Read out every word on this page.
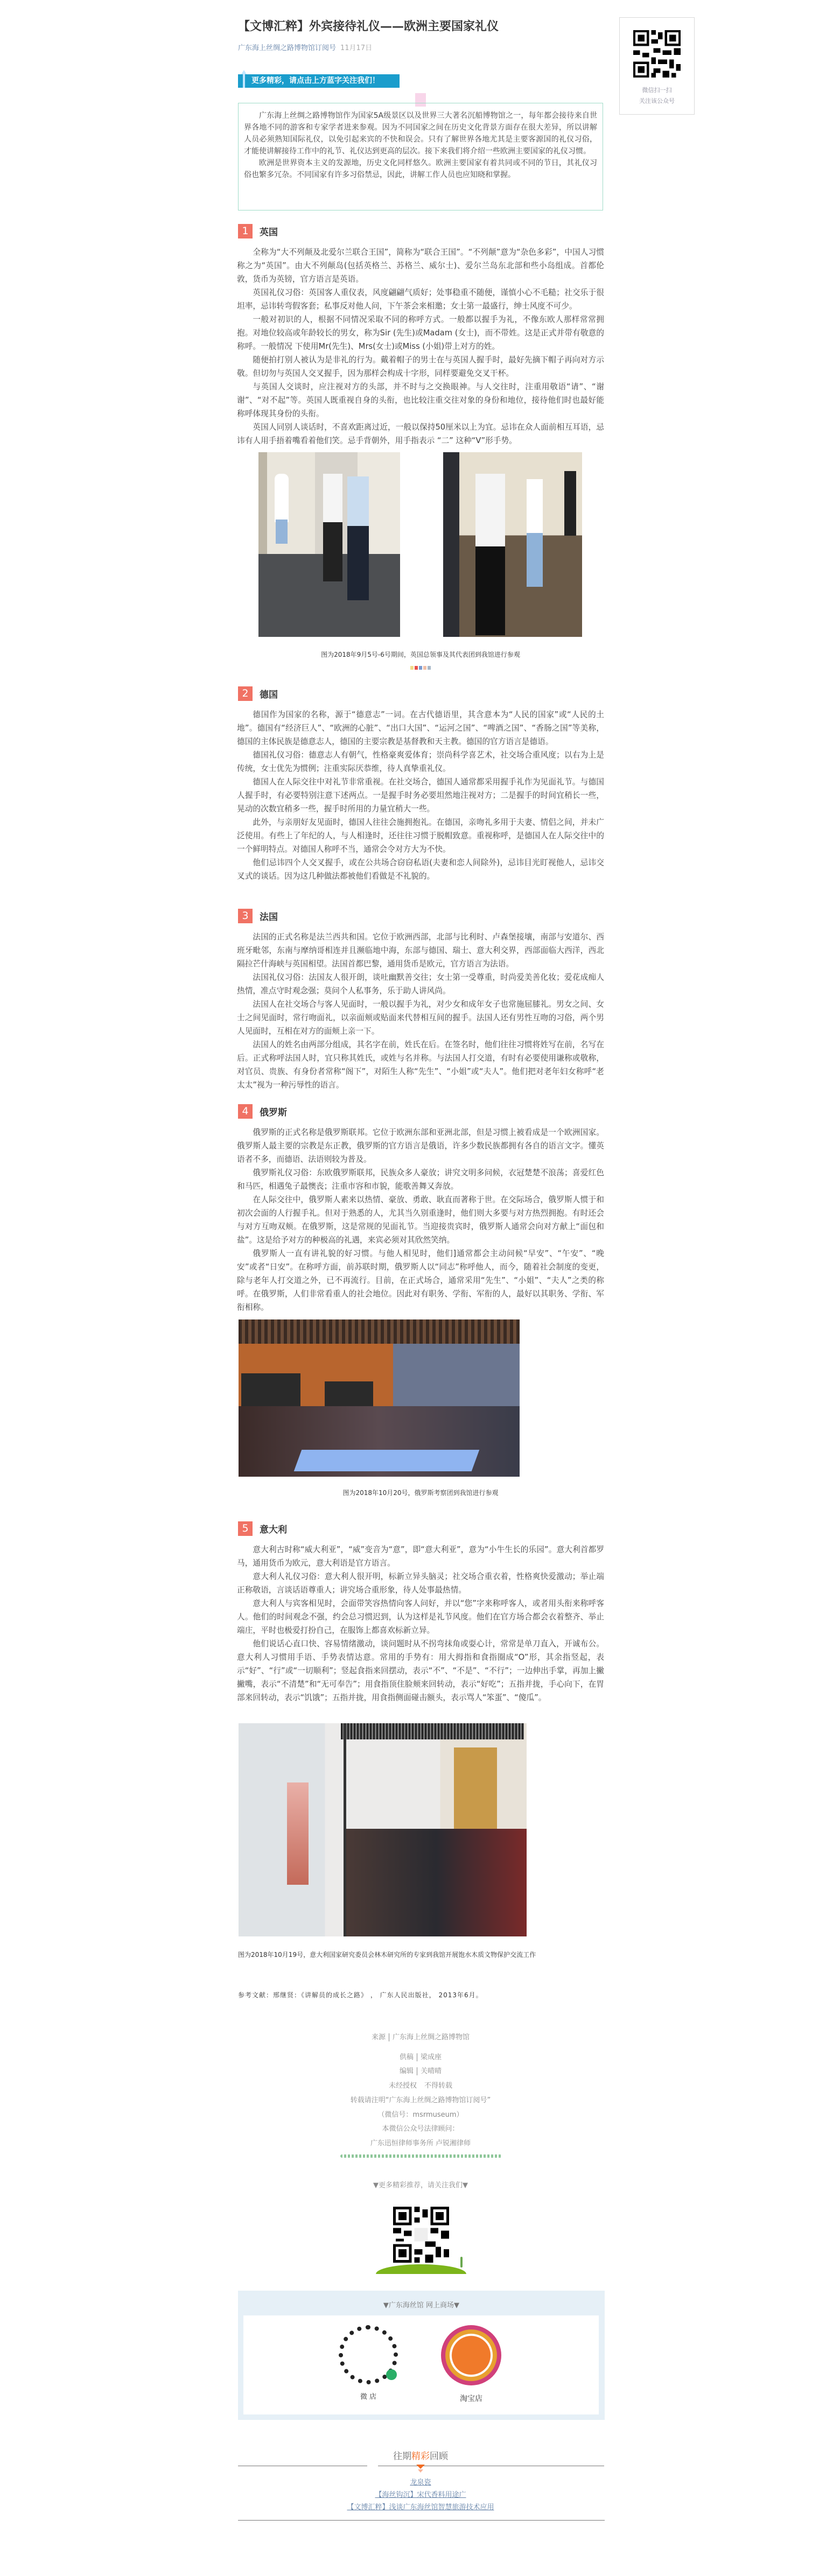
【文博汇粹】外宾接待礼仪——欧洲主要国家礼仪
广东海上丝绸之路博物馆订阅号 11月17日
更多精彩，请点击上方蓝字关注我们！

广东海上丝绸之路博物馆作为国家5A级景区以及世界三大著名沉船博物馆之一，每年都会接待来自世界各地不同的游客和专家学者进来参观。因为不同国家之间在历史文化背景方面存在很大差异，所以讲解人员必须熟知国际礼仪，以免引起来宾的不快和误会。只有了解世界各地尤其是主要客源国的礼仪习俗，才能使讲解接待工作中的礼节、礼仪达到更高的层次。接下来我们将介绍一些欧洲主要国家的礼仪习惯。

欧洲是世界资本主义的发源地，历史文化同样悠久。欧洲主要国家有着共同或不同的节日，其礼仪习俗也繁多冗杂。不同国家有许多习俗禁忌，因此，讲解工作人员也应知晓和掌握。

微信扫一扫
关注该公众号
1	英国

全称为“大不列颠及北爱尔兰联合王国”，简称为“联合王国”。“不列颠”意为“杂色多彩”，中国人习惯称之为“英国”。由大不列颠岛(包括英格兰、苏格兰、威尔士)、爱尔兰岛东北部和些小岛组成。首都伦敦，货币为英镑，官方语言是英语。

英国礼仪习俗：英国客人重仪表，风度翩翩气质好；处事稳重不随便，谨慎小心不毛糙；社交乐于很坦率，忌讳转弯假客套；私事反对他人问，下午茶会来相邀；女士第一最盛行，绅士风度不可少。

一般对初识的人，根据不同情况采取不同的称呼方式。一般都以握手为礼，不像东欧人那样常常拥抱。对地位较高或年龄较长的男女，称为Sir (先生)或Madam (女士)，而不带姓。这是正式并带有敬意的称呼。一般情况 下使用Mr(先生)、Mrs(女士)或Miss (小姐)带上对方的姓。

随便拍打别人被认为是非礼的行为。戴着帽子的男士在与英国人握手时，最好先摘下帽子再向对方示敬。但切勿与英国人交叉握手，因为那样会构成十字形，同样要避免交叉干杯。

与英国人交谈时，应注视对方的头部，并不时与之交换眼神。与人交往时，注重用敬语“请”、“谢谢”、“对不起”等。英国人既重视自身的头衔，也比较注重交往对象的身份和地位，接待他们时也最好能称呼体现其身份的头衔。

英国人同别人谈话时，不喜欢距离过近，一般以保持50厘米以上为宜。忌讳在众人面前相互耳语，忌讳有人用手捂着嘴看着他们笑。忌手背朝外，用手指表示 “二” 这种“V”形手势。

图为2018年9月5号-6号期间，英国总领事及其代表团到我馆进行参观
2	德国

德国作为国家的名称，源于“德意志”一词。在古代德语里，其含意本为“人民的国家”或“人民的土地”。德国有“经济巨人”、“欧洲的心脏”、“出口大国”、“运河之国”、“啤酒之国”、“香肠之国”等美称，德国的主体民族是德意志人，德国的主要宗教是基督教和天主教。德国的官方语言是德语。

德国礼仪习俗：德意志人有朝气，性格豪爽爱体育；崇尚科学喜艺术，社交场合重风度；以右为上是传统，女士优先为惯例；注重实际厌恭维，待人真挚重礼仪。

德国人在人际交往中对礼节非常重视。在社交场合，德国人通常都采用握手礼作为见面礼节。与德国人握手时，有必要特别注意下述两点。一是握手时务必要坦然地注视对方；二是握手的时间宜稍长一些，晃动的次数宜稍多一些，握手时所用的力量宜稍大一些。

此外，与亲朋好友见面时，德国人往往会施拥抱礼。在德国，亲吻礼多用于夫妻、情侣之间，并未广泛使用。有些上了年纪的人，与人相逢时，还往往习惯于脱帽致意。重视称呼，是德国人在人际交往中的一个鲜明特点。对德国人称呼不当，通常会令对方大为不快。

他们忌讳四个人交叉握手，或在公共场合窃窃私语(夫妻和恋人间除外)，忌讳目光盯视他人，忌讳交叉式的谈话。因为这几种做法都被他们看做是不礼貌的。

3	法国

法国的正式名称是法兰西共和国。它位于欧洲西部，北部与比利时、卢森堡接壤，南部与安道尔、西班牙毗邻，东南与摩纳哥相连并且濒临地中海，东部与德国、瑞士、意大利交界，西部面临大西洋，西北隔拉芒什海峡与英国相望。法国首都巴黎，通用货币是欧元，官方语言为法语。

法国礼仪习俗：法国友人很开朗，谈吐幽默善交往；女士第一受尊重，时尚爱美善化妆；爱花成痴人热情，准点守时观念强；莫问个人私事务，乐于助人讲风尚。

法国人在社交场合与客人见面时，一般以握手为礼，对少女和成年女子也常施屈膝礼。男女之间、女士之间见面时，常行吻面礼，以亲面颊或贴面来代替相互间的握手。法国人还有男性互吻的习俗，两个男人见面时，互相在对方的面颊上亲一下。

法国人的姓名由两部分组成，其名字在前，姓氏在后。在签名时，他们往往习惯将姓写在前，名写在后。正式称呼法国人时，宜只称其姓氏，或姓与名并称。与法国人打交道，有时有必要使用谦称或敬称，对官员、贵族、有身份者常称“阁下”，对陌生人称“先生”、“小姐”或“夫人”。他们把对老年妇女称呼“老太太”视为一种污辱性的语言。

4	俄罗斯

俄罗斯的正式名称是俄罗斯联邦。它位于欧洲东部和亚洲北部，但是习惯上被看成是一个欧洲国家。俄罗斯人最主要的宗教是东正教，俄罗斯的官方语言是俄语，许多少数民族都拥有各自的语言文字。懂英语者不多，而德语、法语则较为普及。

俄罗斯礼仪习俗：东欧俄罗斯联邦，民族众多人豪放；讲究文明多问候，衣冠楚楚不浪荡；喜爱红色和马匹，相遇兔子最懊丧；注重市容和市貌，能歌善舞又奔放。

在人际交往中，俄罗斯人素来以热情、豪放、勇敢、耿直而著称于世。在交际场合，俄罗斯人惯于和初次会面的人行握手礼。但对于熟悉的人，尤其当久别重逢时，他们则大多要与对方热烈拥抱。有时还会与对方互吻双颊。在俄罗斯，这是常规的见面礼节。当迎接贵宾时，俄罗斯人通常会向对方献上“面包和盐”。这是给予对方的种极高的礼遇，来宾必须对其欣然笑纳。

俄罗斯人一直有讲礼貌的好习惯。与他人相见时，他们]通常都会主动问候“早安”、“午安”、“晚安”或者“日安”。在称呼方面，前苏联时期，俄罗斯人以“同志”称呼他人，而今，随着社会制度的变更，除与老年人打交道之外，已不再流行。目前，在正式场合，通常采用“先生”、“小姐”、“夫人”之类的称呼。在俄罗斯，人们非常看重人的社会地位。因此对有职务、学衔、军衔的人，最好以其职务、学衔、军衔相称。

图为2018年10月20号，俄罗斯考察团到我馆进行参观
5	意大利

意大利古时称“威大利亚”，“威”变音为“意”，即“意大利亚”，意为“小牛生长的乐园”。意大利首都罗马，通用货币为欧元，意大利语是官方语言。

意大利人礼仪习俗：意大利人很开明，标新立异头脑灵；社交场合重衣着，性格爽快爱激动；举止端正称敬语，言谈话语尊重人；讲究场合重形象，待人处事最热情。

意大利人与宾客相见时，会面带笑容热情向客人问好，并以“您”字来称呼客人，或者用头衔来称呼客人。他们的时间观念不强，约会总习惯迟到，认为这样是礼节风度。他们在官方场合都会衣着整齐、举止端庄，平时也极爱打扮自己，在服饰上都喜欢标新立异。

他们说话心直口快、容易情绪激动，谈问题时从不拐弯抹角或耍心计，常常是单刀直入，开诚布公。意大利人习惯用手语、手势表情达意。常用的手势有：用大拇指和食指圈成“O”形，其余指竖起，表示“好”、“行”或“一切顺利”；竖起食指来回摆动，表示“不”、“不是”、“不行”；一边伸出手掌，再加上撇撇嘴，表示“不清楚”和“无可奉告”；用食指顶住脸颊来回转动，表示“好吃”；五指并拢，手心向下，在胃部来回转动，表示“饥饿”；五指并拢，用食指侧面碰击额头，表示骂人“笨蛋”、“傻瓜”。

图为2018年10月19号，意大利国家研究委员会林木研究所的专家到我馆开展饱水木质文物保护交流工作
参考文献：邢继贤：《讲解员的成长之路》 ， 广东人民出版社， 2013年6月。
来源 广东海上丝绸之路博物馆
供稿 梁成座
编辑 关晴晴
未经授权 不得转载
转载请注明“广东海上丝绸之路博物馆订阅号”
（微信号：msrmuseum）
本微信公众号法律顾问：
广东迅恒律师事务所 卢锐湘律师
▼更多精彩推荐，请关注我们▼
▼广东海丝馆 网上商场▼
微 店	淘宝店
往期精彩回顾
龙泉瓷
【海丝钩沉】宋代香料用途广
【文博汇粹】浅谈广东海丝馆智慧旅游技术应用
